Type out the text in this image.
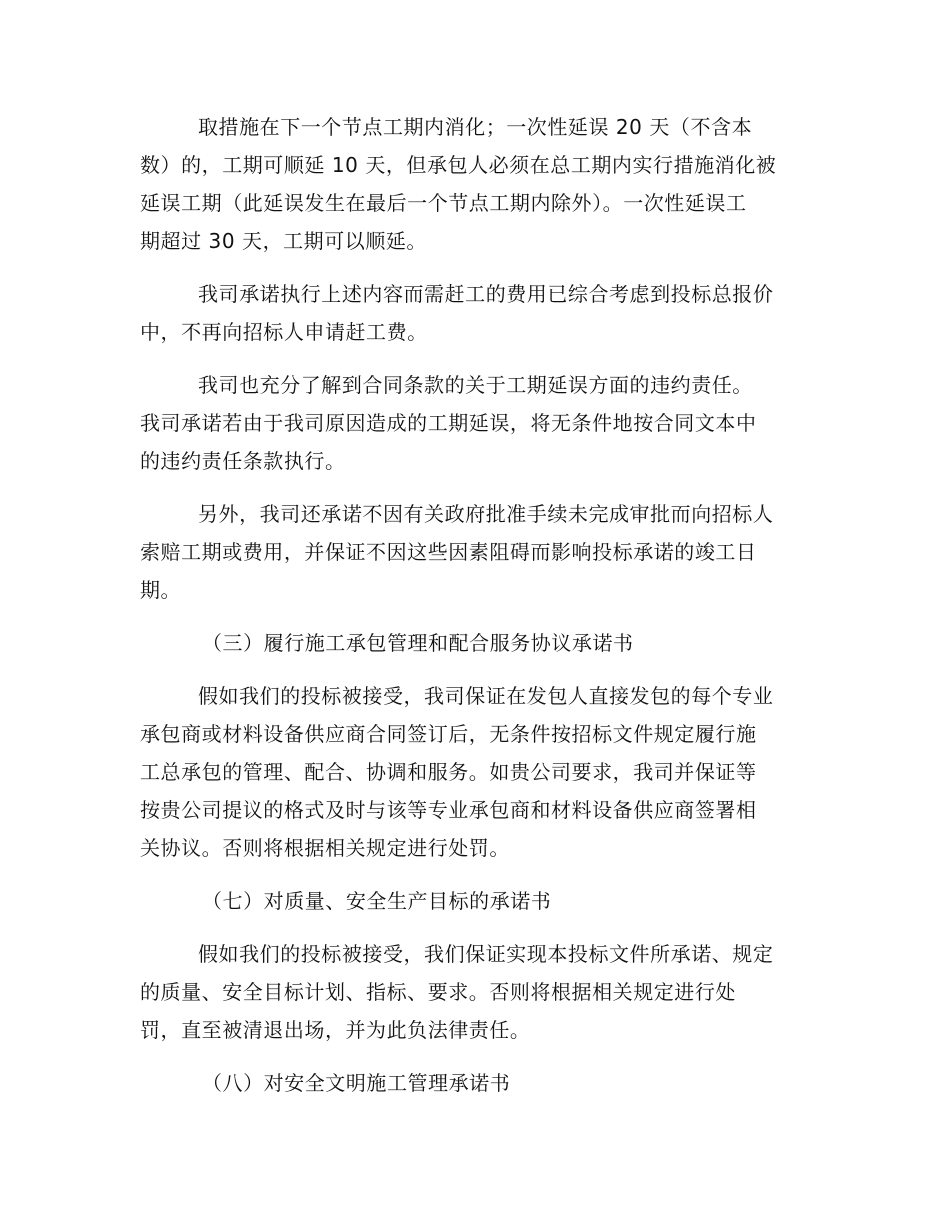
取措施在下一个节点工期内消化；一次性延误 20 天（不含本
数）的，工期可顺延 10 天，但承包人必须在总工期内实行措施消化被
延误工期（此延误发生在最后一个节点工期内除外）。一次性延误工
期超过 30 天，工期可以顺延。
我司承诺执行上述内容而需赶工的费用已综合考虑到投标总报价
中，不再向招标人申请赶工费。
我司也充分了解到合同条款的关于工期延误方面的违约责任。
我司承诺若由于我司原因造成的工期延误，将无条件地按合同文本中
的违约责任条款执行。
另外，我司还承诺不因有关政府批准手续未完成审批而向招标人
索赔工期或费用，并保证不因这些因素阻碍而影响投标承诺的竣工日
期。
（三）履行施工承包管理和配合服务协议承诺书
假如我们的投标被接受，我司保证在发包人直接发包的每个专业
承包商或材料设备供应商合同签订后，无条件按招标文件规定履行施
工总承包的管理、配合、协调和服务。如贵公司要求，我司并保证等
按贵公司提议的格式及时与该等专业承包商和材料设备供应商签署相
关协议。否则将根据相关规定进行处罚。
（七）对质量、安全生产目标的承诺书
假如我们的投标被接受，我们保证实现本投标文件所承诺、规定
的质量、安全目标计划、指标、要求。否则将根据相关规定进行处
罚，直至被清退出场，并为此负法律责任。
（八）对安全文明施工管理承诺书
